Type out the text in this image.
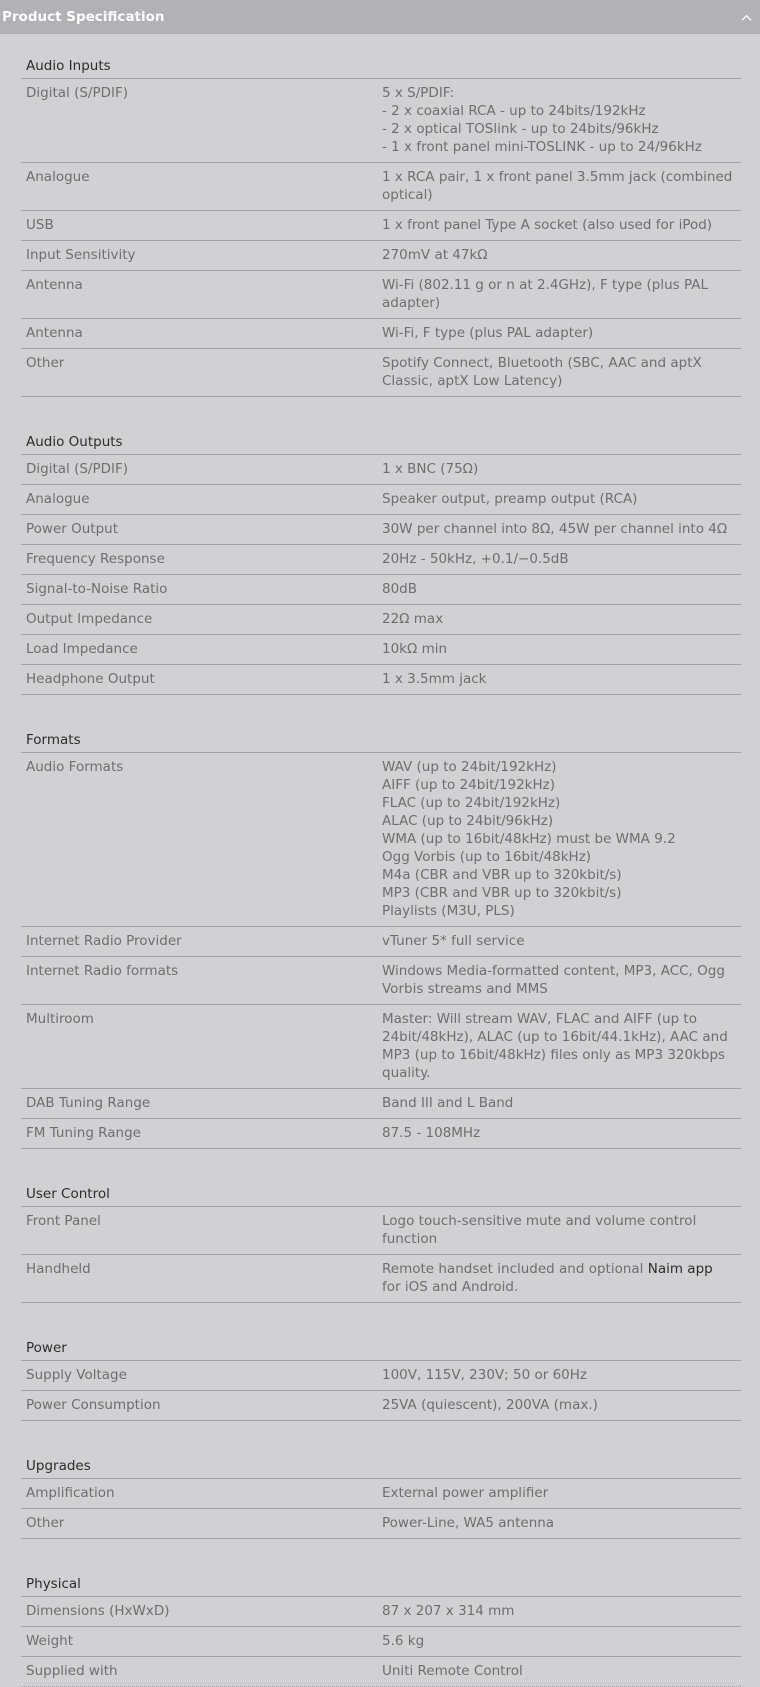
Product Specification
Audio Inputs
Digital (S/PDIF)	5 x S/PDIF:
- 2 x coaxial RCA - up to 24bits/192kHz
- 2 x optical TOSlink - up to 24bits/96kHz
- 1 x front panel mini-TOSLINK - up to 24/96kHz
Analogue	1 x RCA pair, 1 x front panel 3.5mm jack (combined optical)
USB	1 x front panel Type A socket (also used for iPod)
Input Sensitivity	270mV at 47kΩ
Antenna	Wi-Fi (802.11 g or n at 2.4GHz), F type (plus PAL adapter)
Antenna	Wi-Fi, F type (plus PAL adapter)
Other	Spotify Connect, Bluetooth (SBC, AAC and aptX Classic, aptX Low Latency)
Audio Outputs
Digital (S/PDIF)	1 x BNC (75Ω)
Analogue	Speaker output, preamp output (RCA)
Power Output	30W per channel into 8Ω, 45W per channel into 4Ω
Frequency Response	20Hz - 50kHz, +0.1/−0.5dB
Signal-to-Noise Ratio	80dB
Output Impedance	22Ω max
Load Impedance	10kΩ min
Headphone Output	1 x 3.5mm jack
Formats
Audio Formats	WAV (up to 24bit/192kHz)
AIFF (up to 24bit/192kHz)
FLAC (up to 24bit/192kHz)
ALAC (up to 24bit/96kHz)
WMA (up to 16bit/48kHz) must be WMA 9.2
Ogg Vorbis (up to 16bit/48kHz)
M4a (CBR and VBR up to 320kbit/s)
MP3 (CBR and VBR up to 320kbit/s)
Playlists (M3U, PLS)
Internet Radio Provider	vTuner 5* full service
Internet Radio formats	Windows Media-formatted content, MP3, ACC, Ogg Vorbis streams and MMS
Multiroom	Master: Will stream WAV, FLAC and AIFF (up to 24bit/48kHz), ALAC (up to 16bit/44.1kHz), AAC and MP3 (up to 16bit/48kHz) files only as MP3 320kbps quality.
DAB Tuning Range	Band III and L Band
FM Tuning Range	87.5 - 108MHz
User Control
Front Panel	Logo touch-sensitive mute and volume control function
Handheld	Remote handset included and optional Naim app for iOS and Android.
Power
Supply Voltage	100V, 115V, 230V; 50 or 60Hz
Power Consumption	25VA (quiescent), 200VA (max.)
Upgrades
Amplification	External power amplifier
Other	Power-Line, WA5 antenna
Physical
Dimensions (HxWxD)	87 x 207 x 314 mm
Weight	5.6 kg
Supplied with	Uniti Remote Control
